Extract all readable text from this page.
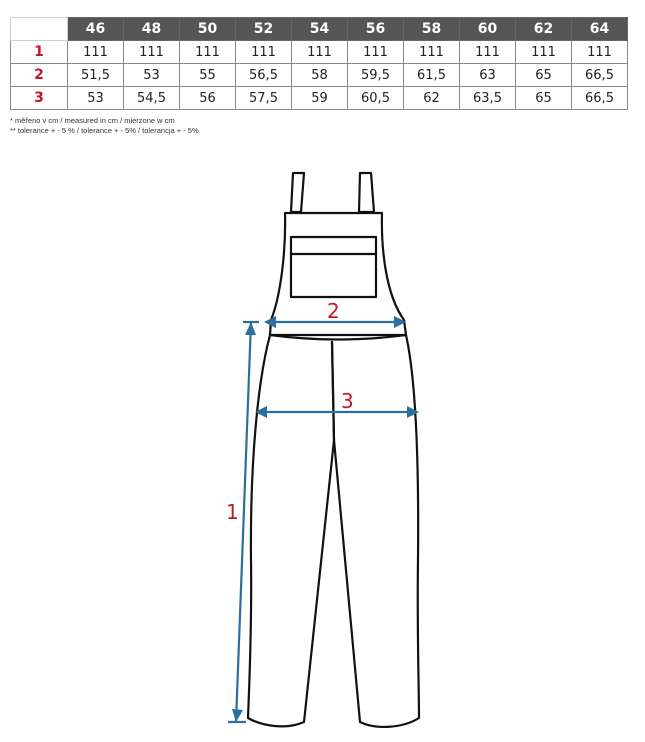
	46	48	50	52	54	56	58	60	62	64
1	111	111	111	111	111	111	111	111	111	111
2	51,5	53	55	56,5	58	59,5	61,5	63	65	66,5
3	53	54,5	56	57,5	59	60,5	62	63,5	65	66,5
* měřeno v cm / measured in cm / mierzone w cm
** tolerance + - 5 % / tolerance + - 5% / tolerancja + - 5%
1
2
3
